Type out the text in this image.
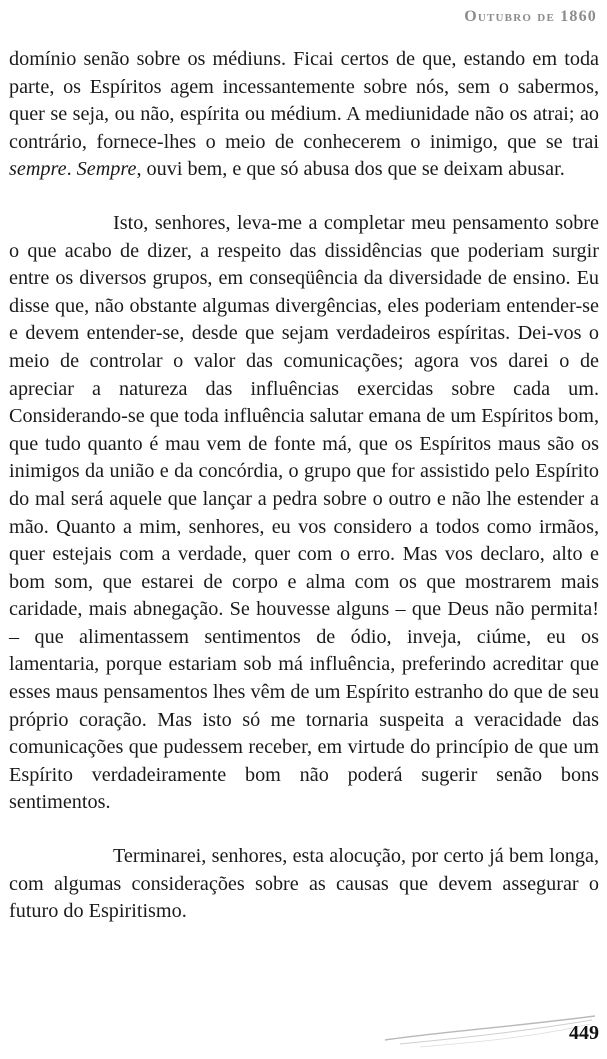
Outubro de 1860

domínio senão sobre os médiuns. Ficai certos de que, estando em toda parte, os Espíritos agem incessantemente sobre nós, sem o sabermos, quer se seja, ou não, espírita ou médium. A mediunidade não os atrai; ao contrário, fornece-lhes o meio de conhecerem o inimigo, que se trai sempre. Sempre, ouvi bem, e que só abusa dos que se deixam abusar.

Isto, senhores, leva-me a completar meu pensamento sobre o que acabo de dizer, a respeito das dissidências que poderiam surgir entre os diversos grupos, em conseqüência da diversidade de ensino. Eu disse que, não obstante algumas divergências, eles poderiam entender-se e devem entender-se, desde que sejam verdadeiros espíritas. Dei-vos o meio de controlar o valor das comunicações; agora vos darei o de apreciar a natureza das influências exercidas sobre cada um. Considerando-se que toda influência salutar emana de um Espíritos bom, que tudo quanto é mau vem de fonte má, que os Espíritos maus são os inimigos da união e da concórdia, o grupo que for assistido pelo Espírito do mal será aquele que lançar a pedra sobre o outro e não lhe estender a mão. Quanto a mim, senhores, eu vos considero a todos como irmãos, quer estejais com a verdade, quer com o erro. Mas vos declaro, alto e bom som, que estarei de corpo e alma com os que mostrarem mais caridade, mais abnegação. Se houvesse alguns – que Deus não permita! – que alimentassem sentimentos de ódio, inveja, ciúme, eu os lamentaria, porque estariam sob má influência, preferindo acreditar que esses maus pensamentos lhes vêm de um Espírito estranho do que de seu próprio coração. Mas isto só me tornaria suspeita a veracidade das comunicações que pudessem receber, em virtude do princípio de que um Espírito verdadeiramente bom não poderá sugerir senão bons sentimentos.

Terminarei, senhores, esta alocução, por certo já bem longa, com algumas considerações sobre as causas que devem assegurar o futuro do Espiritismo.

449
